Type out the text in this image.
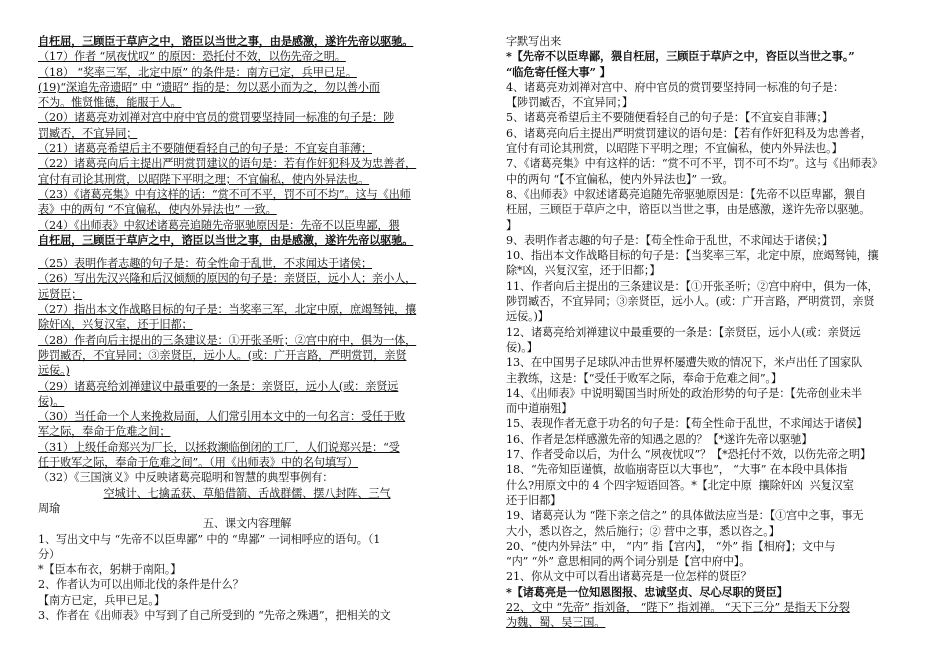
自枉屈，三顾臣于草庐之中，谘臣以当世之事，由是感激，遂许先帝以驱驰。
（17）作者 “夙夜忧叹” 的原因：恐托付不效，以伤先帝之明。
（18） “奖率三军，北定中原” 的条件是：南方已定，兵甲已足。
(19)“深追先帝遗昭” 中 “遗昭” 指的是：勿以恶小而为之，勿以善小而
不为。惟贤惟德，能服于人。
（20）诸葛亮劝刘禅对宫中府中官员的赏罚要坚持同一标准的句子是：陟
罚臧否，不宜异同；
（21）诸葛亮希望后主不要随便看轻自己的句子是：不宜妄自菲薄；
（22）诸葛亮向后主提出严明赏罚建议的语句是：若有作奸犯科及为忠善者，
宜付有司论其刑赏，以昭陛下平明之理；不宜偏私，使内外异法也。
（23）《诸葛亮集》中有这样的话：“赏不可不平，罚不可不均”。这与《出师
表》中的两句 “不宜偏私，使内外异法也” 一致。
（24）《出师表》中叙述诸葛亮追随先帝驱驰原因是：先帝不以臣卑鄙，猥
自枉屈，三顾臣于草庐之中，谘臣以当世之事，由是感激，遂许先帝以驱驰。
（25）表明作者志趣的句子是：苟全性命于乱世，不求闻达于诸侯；
（26）写出先汉兴隆和后汉倾颓的原因的句子是：亲贤臣，远小人；亲小人，
远贤臣；
（27）指出本文作战略目标的句子是：当奖率三军，北定中原，庶竭驽钝，攘
除奸凶，兴复汉室，还于旧都；
（28）作者向后主提出的三条建议是：①开张圣听；②宫中府中，俱为一体，
陟罚臧否，不宜异同；③亲贤臣，远小人。(或：广开言路，严明赏罚，亲贤
远佞。)
（29）诸葛亮给刘禅建议中最重要的一条是：亲贤臣，远小人(或：亲贤远
佞)。
（30）当任命一个人来挽救局面，人们常引用本文中的一句名言：受任于败
军之际，奉命于危难之间；
（31）上级任命郑兴为厂长，以拯救濒临倒闭的工厂，人们说郑兴是：“受
任于败军之际，奉命于危难之间”。（用《出师表》中的名句填写）
（32）《三国演义》中反映诸葛亮聪明和智慧的典型事例有：
空城计、七擒孟获、草船借箭、舌战群儒、摆八封阵、三气
周瑜
五、课文内容理解
1、写出文中与 “先帝不以臣卑鄙” 中的 “卑鄙” 一词相呼应的语句。（1
分）
*【臣本布衣，躬耕于南阳。】
2、作者认为可以出师北伐的条件是什么？
【南方已定，兵甲已足。】
3、作者在《出师表》中写到了自己所受到的 “先帝之殊遇”，把相关的文
字默写出来
*【先帝不以臣卑鄙，猥自枉屈，三顾臣于草庐之中，咨臣以当世之事。”
“临危寄任怪大事” 】
4、诸葛亮劝刘禅对宫中、府中官员的赏罚要坚持同一标准的句子是：
【陟罚臧否，不宜异同；】
5、诸葛亮希望后主不要随便看轻自己的句子是：【不宜妄自菲薄；】
6、诸葛亮向后主提出严明赏罚建议的语句是：【若有作奸犯科及为忠善者，
宜付有司论其刑赏，以昭陛下平明之理；不宜偏私，使内外异法也。】
7、《诸葛亮集》中有这样的话：“赏不可不平，罚不可不均”。这与《出师表》
中的两句 “【不宜偏私，使内外异法也】” 一致。
8、《出师表》中叙述诸葛亮追随先帝驱驰原因是：【先帝不以臣卑鄙，猥自
枉屈，三顾臣于草庐之中，谘臣以当世之事，由是感激，遂许先帝以驱驰。
】
9、表明作者志趣的句子是：【苟全性命于乱世，不求闻达于诸侯；】
10、指出本文作战略目标的句子是：【当奖率三军，北定中原，庶竭驽钝，攘
除*凶，兴复汉室，还于旧都；】
11、作者向后主提出的三条建议是：【①开张圣听；②宫中府中，俱为一体，
陟罚臧否，不宜异同；③亲贤臣，远小人。(或：广开言路，严明赏罚，亲贤
远佞。)】
12、诸葛亮给刘禅建议中最重要的一条是：【亲贤臣，远小人(或：亲贤远
佞)。】
13、在中国男子足球队冲击世界杯屡遭失败的情况下，米卢出任了国家队
主教练，这是：【“受任于败军之际，奉命于危难之间”。】
14、《出师表》中说明蜀国当时所处的政治形势的句子是：【先帝创业未半
而中道崩殂】
15、表现作者无意于功名的句子是：【苟全性命于乱世，不求闻达于诸侯】
16、作者是怎样感激先帝的知遇之恩的？【*遂许先帝以驱驰】
17、作者受命以后，为什么 “夙夜忧叹”？【*恐托付不效，以伤先帝之明】
18、“先帝知臣谨慎，故临崩寄臣以大事也”， “大事” 在本段中具体指
什么?用原文中的 4 个四字短语回答。*【北定中原  攘除奸凶  兴复汉室
还于旧都】
19、诸葛亮认为 “陛下亲之信之” 的具体做法应当是：【①宫中之事，事无
大小，悉以咨之，然后施行；② 营中之事，悉以咨之。】
20、“使内外异法” 中， “内” 指【宫内】， “外” 指【相府】；文中与
“内” “外” 意思相同的两个词分别是【宫中府中】。
21、你从文中可以看出诸葛亮是一位怎样的贤臣？
*【诸葛亮是一位知恩图报、忠诚坚贞、尽心尽职的贤臣】
22、文中 “先帝” 指刘备， “陛下” 指刘禅。 “天下三分” 是指天下分裂
为魏、蜀、吴三国。
